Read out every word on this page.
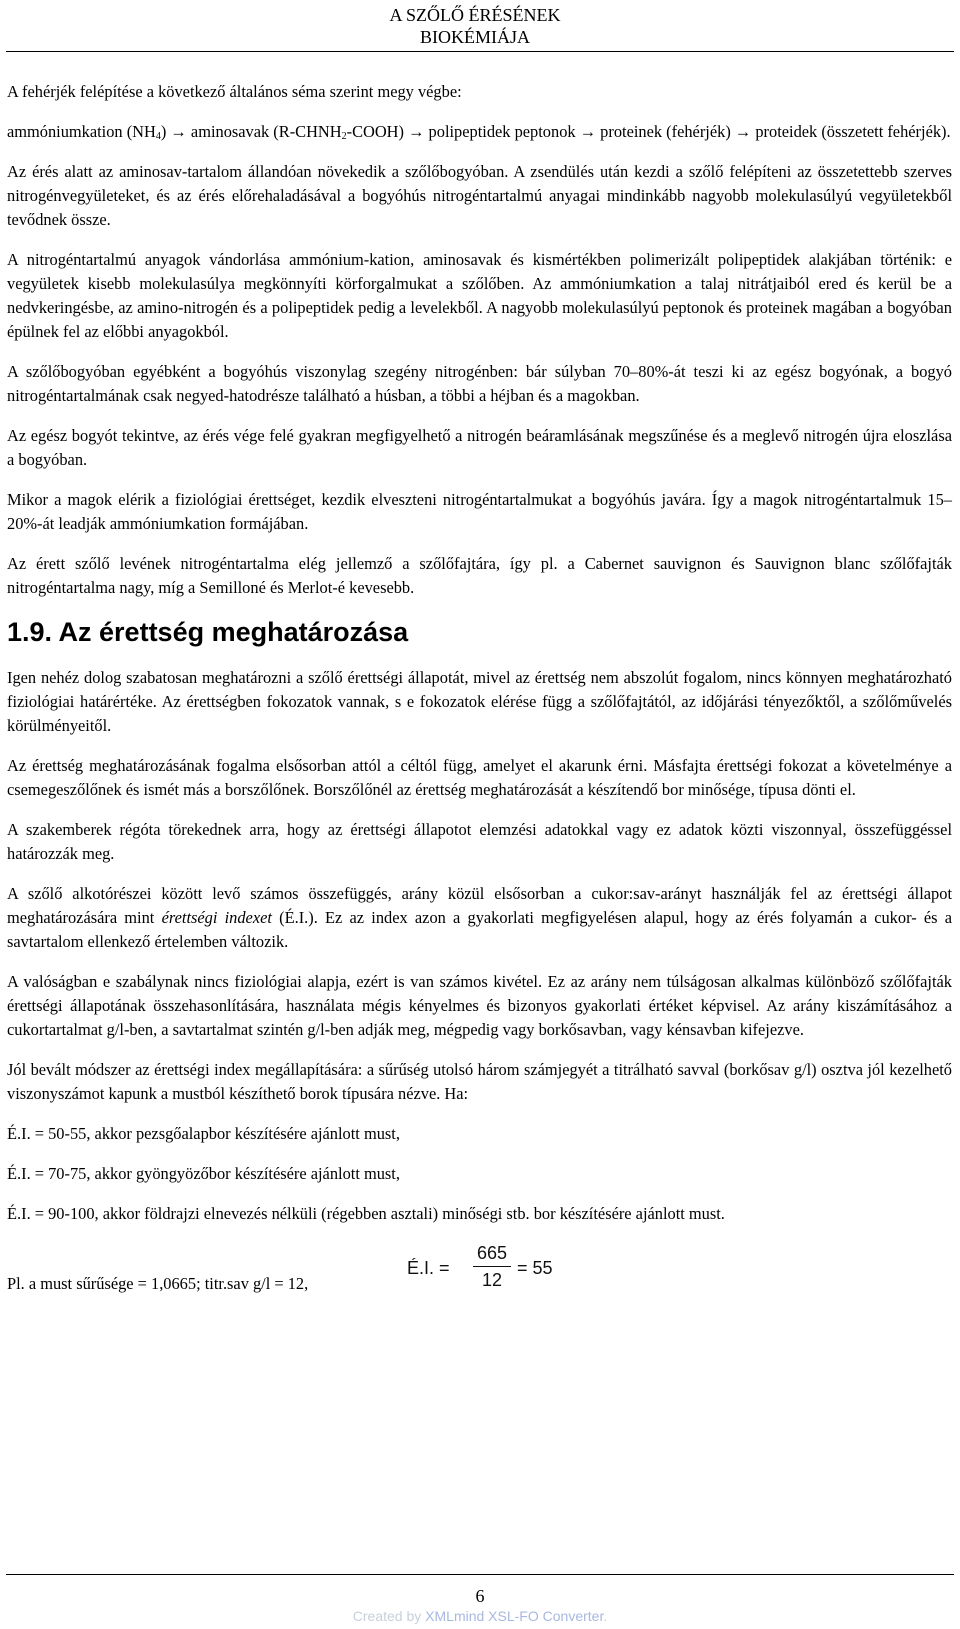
A SZŐLŐ ÉRÉSÉNEK
BIOKÉMIÁJA

A fehérjék felépítése a következő általános séma szerint megy végbe:

ammóniumkation $(NH_4)$ → aminosavak $(R-CHNH_2-COOH)$ → polipeptidek peptonok → proteinek (fehérjék) → proteidek (összetett fehérjék).

Az érés alatt az aminosav-tartalom állandóan növekedik a szőlőbogyóban. A zsendülés után kezdi a szőlő felépíteni az összetettebb szerves nitrogénvegyületeket, és az érés előrehaladásával a bogyóhús nitrogéntartalmú anyagai mindinkább nagyobb molekulasúlyú vegyületekből tevődnek össze.

A nitrogéntartalmú anyagok vándorlása ammónium-kation, aminosavak és kismértékben polimerizált polipeptidek alakjában történik: e vegyületek kisebb molekulasúlya megkönnyíti körforgalmukat a szőlőben. Az ammóniumkation a talaj nitrátjaiból ered és kerül be a nedvkeringésbe, az amino-nitrogén és a polipeptidek pedig a levelekből. A nagyobb molekulasúlyú peptonok és proteinek magában a bogyóban épülnek fel az előbbi anyagokból.

A szőlőbogyóban egyébként a bogyóhús viszonylag szegény nitrogénben: bár súlyban 70–80%-át teszi ki az egész bogyónak, a bogyó nitrogéntartalmának csak negyed-hatodrésze található a húsban, a többi a héjban és a magokban.

Az egész bogyót tekintve, az érés vége felé gyakran megfigyelhető a nitrogén beáramlásának megszűnése és a meglevő nitrogén újra eloszlása a bogyóban.

Mikor a magok elérik a fiziológiai érettséget, kezdik elveszteni nitrogéntartalmukat a bogyóhús javára. Így a magok nitrogéntartalmuk 15–20%-át leadják ammóniumkation formájában.

Az érett szőlő levének nitrogéntartalma elég jellemző a szőlőfajtára, így pl. a Cabernet sauvignon és Sauvignon blanc szőlőfajták nitrogéntartalma nagy, míg a Semilloné és Merlot-é kevesebb.

1.9. Az érettség meghatározása

Igen nehéz dolog szabatosan meghatározni a szőlő érettségi állapotát, mivel az érettség nem abszolút fogalom, nincs könnyen meghatározható fiziológiai határértéke. Az érettségben fokozatok vannak, s e fokozatok elérése függ a szőlőfajtától, az időjárási tényezőktől, a szőlőművelés körülményeitől.

Az érettség meghatározásának fogalma elsősorban attól a céltól függ, amelyet el akarunk érni. Másfajta érettségi fokozat a követelménye a csemegeszőlőnek és ismét más a borszőlőnek. Borszőlőnél az érettség meghatározását a készítendő bor minősége, típusa dönti el.

A szakemberek régóta törekednek arra, hogy az érettségi állapotot elemzési adatokkal vagy ez adatok közti viszonnyal, összefüggéssel határozzák meg.

A szőlő alkotórészei között levő számos összefüggés, arány közül elsősorban a cukor:sav-arányt használják fel az érettségi állapot meghatározására mint érettségi indexet (É.I.). Ez az index azon a gyakorlati megfigyelésen alapul, hogy az érés folyamán a cukor- és a savtartalom ellenkező értelemben változik.

A valóságban e szabálynak nincs fiziológiai alapja, ezért is van számos kivétel. Ez az arány nem túlságosan alkalmas különböző szőlőfajták érettségi állapotának összehasonlítására, használata mégis kényelmes és bizonyos gyakorlati értéket képvisel. Az arány kiszámításához a cukortartalmat g/l-ben, a savtartalmat szintén g/l-ben adják meg, mégpedig vagy borkősavban, vagy kénsavban kifejezve.

Jól bevált módszer az érettségi index megállapítására: a sűrűség utolsó három számjegyét a titrálható savval (borkősav g/l) osztva jól kezelhető viszonyszámot kapunk a mustból készíthető borok típusára nézve. Ha:

É.I. = 50-55, akkor pezsgőalapbor készítésére ajánlott must,

É.I. = 70-75, akkor gyöngyözőbor készítésére ajánlott must,

É.I. = 90-100, akkor földrajzi elnevezés nélküli (régebben asztali) minőségi stb. bor készítésére ajánlott must.

Pl. a must sűrűsége = 1,0665; titr.sav g/l = 12,
É.I. =
665
12
= 55
6
Created by XMLmind XSL-FO Converter.
